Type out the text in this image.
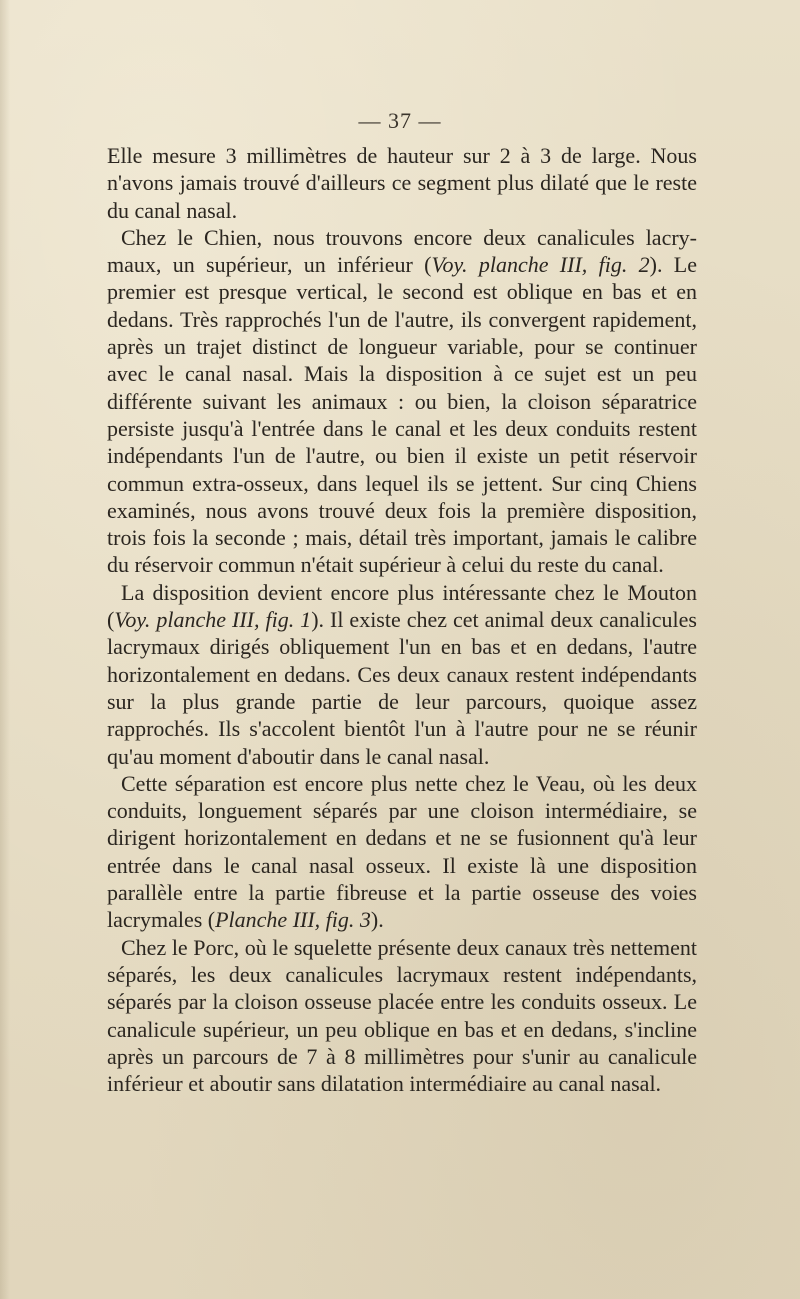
— 37 —

Elle mesure 3 millimètres de hauteur sur 2 à 3 de large. Nous n'avons jamais trouvé d'ailleurs ce segment plus dilaté que le reste du canal nasal.

Chez le Chien, nous trouvons encore deux canalicules lacrymaux, un supérieur, un inférieur (Voy. planche III, fig. 2). Le premier est presque vertical, le second est oblique en bas et en dedans. Très rapprochés l'un de l'autre, ils convergent rapidement, après un trajet distinct de longueur variable, pour se continuer avec le canal nasal. Mais la disposition à ce sujet est un peu différente suivant les animaux : ou bien, la cloison séparatrice persiste jusqu'à l'entrée dans le canal et les deux conduits restent indépendants l'un de l'autre, ou bien il existe un petit réservoir commun extra-osseux, dans lequel ils se jettent. Sur cinq Chiens examinés, nous avons trouvé deux fois la première disposition, trois fois la seconde ; mais, détail très important, jamais le calibre du réservoir commun n'était supérieur à celui du reste du canal.

La disposition devient encore plus intéressante chez le Mouton (Voy. planche III, fig. 1). Il existe chez cet animal deux canalicules lacrymaux dirigés obliquement l'un en bas et en dedans, l'autre horizontalement en dedans. Ces deux canaux restent indépendants sur la plus grande partie de leur parcours, quoique assez rapprochés. Ils s'accolent bientôt l'un à l'autre pour ne se réunir qu'au moment d'aboutir dans le canal nasal.

Cette séparation est encore plus nette chez le Veau, où les deux conduits, longuement séparés par une cloison intermédiaire, se dirigent horizontalement en dedans et ne se fusionnent qu'à leur entrée dans le canal nasal osseux. Il existe là une disposition parallèle entre la partie fibreuse et la partie osseuse des voies lacrymales (Planche III, fig. 3).

Chez le Porc, où le squelette présente deux canaux très nettement séparés, les deux canalicules lacrymaux restent indépendants, séparés par la cloison osseuse placée entre les conduits osseux. Le canalicule supérieur, un peu oblique en bas et en dedans, s'incline après un parcours de 7 à 8 millimètres pour s'unir au canalicule inférieur et aboutir sans dilatation intermédiaire au canal nasal.
